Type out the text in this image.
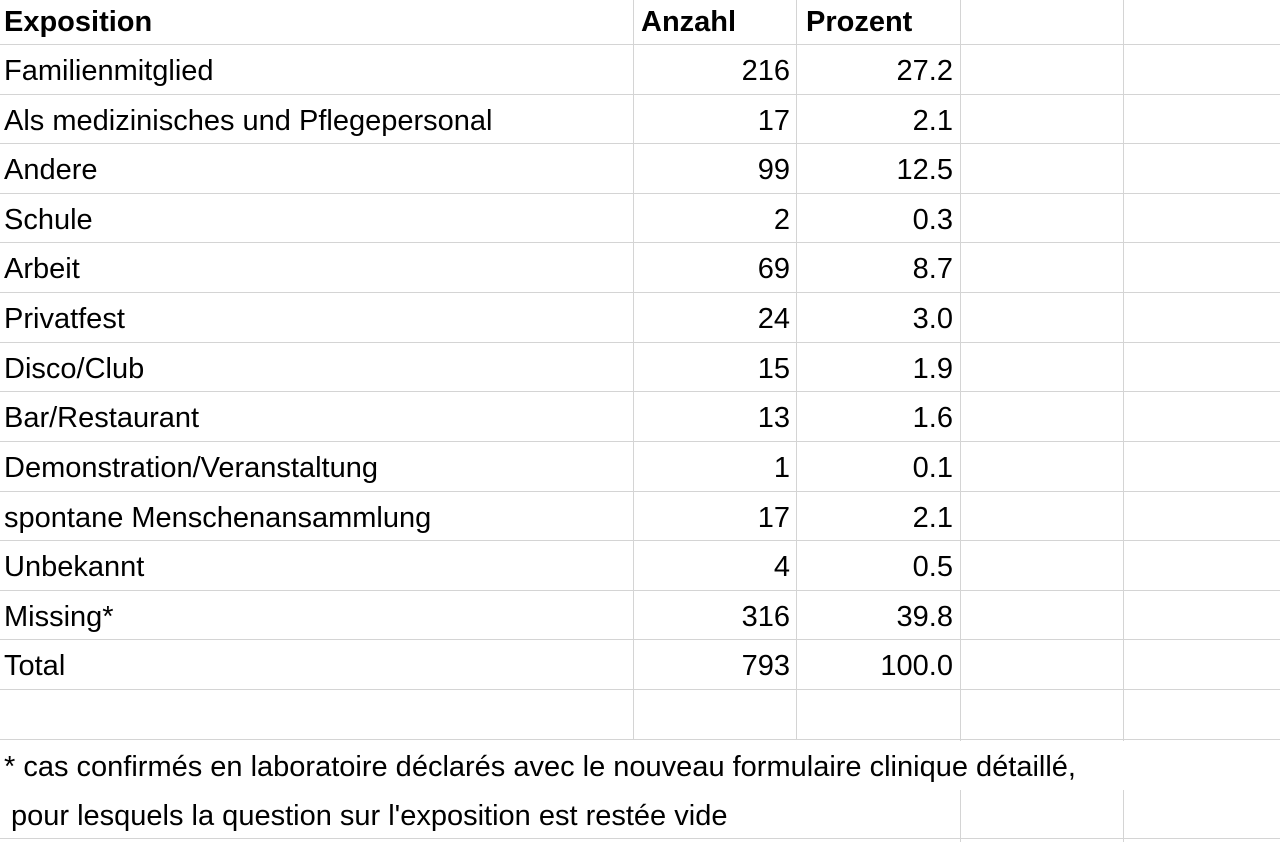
Exposition	Anzahl	Prozent
Familienmitglied	216	27.2
Als medizinisches und Pflegepersonal	17	2.1
Andere	99	12.5
Schule	2	0.3
Arbeit	69	8.7
Privatfest	24	3.0
Disco/Club	15	1.9
Bar/Restaurant	13	1.6
Demonstration/Veranstaltung	1	0.1
spontane Menschenansammlung	17	2.1
Unbekannt	4	0.5
Missing*	316	39.8
Total	793	100.0
* cas confirmés en laboratoire déclarés avec le nouveau formulaire clinique détaillé,
pour lesquels la question sur l'exposition est restée vide
